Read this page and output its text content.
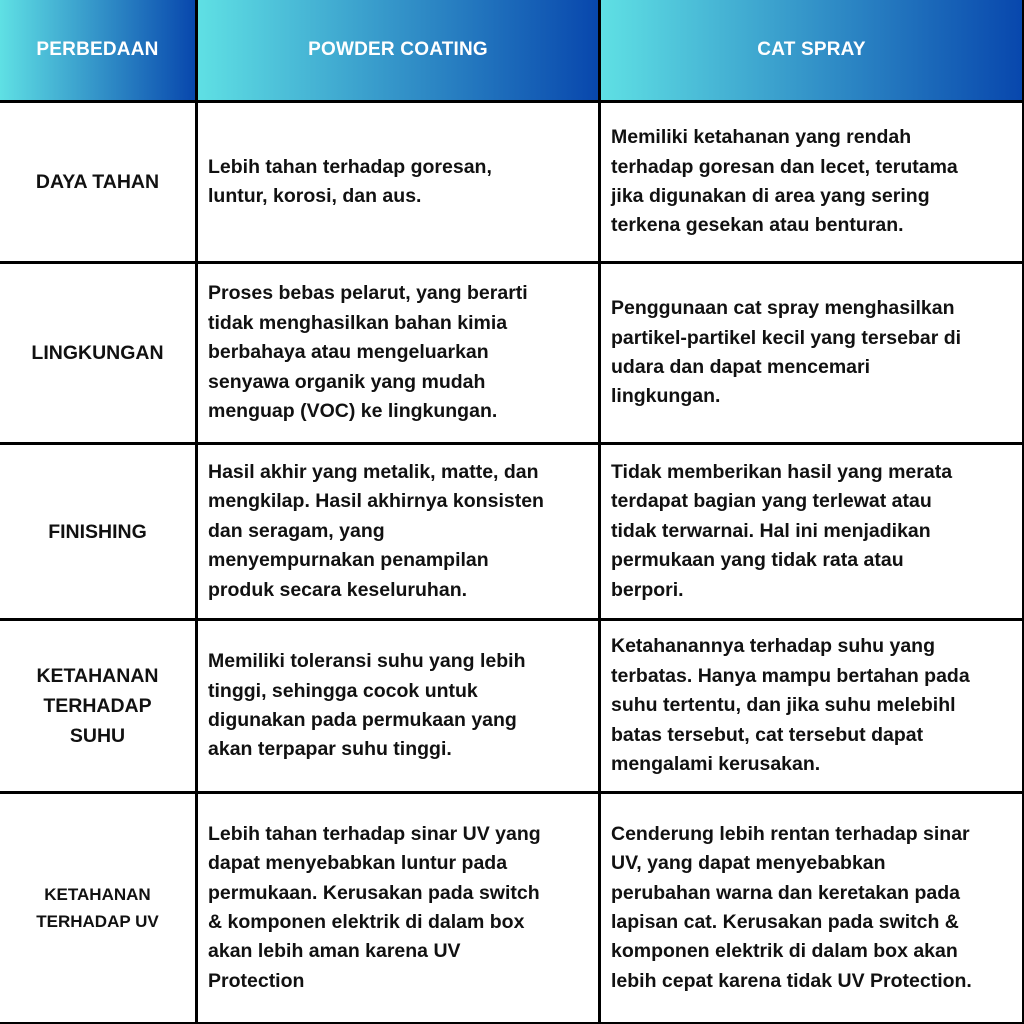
PERBEDAAN	POWDER COATING	CAT SPRAY
DAYA TAHAN
Lebih tahan terhadap goresan,
luntur, korosi, dan aus.
Memiliki ketahanan yang rendah
terhadap goresan dan lecet, terutama
jika digunakan di area yang sering
terkena gesekan atau benturan.
LINGKUNGAN
Proses bebas pelarut, yang berarti
tidak menghasilkan bahan kimia
berbahaya atau mengeluarkan
senyawa organik yang mudah
menguap (VOC) ke lingkungan.
Penggunaan cat spray menghasilkan
partikel-partikel kecil yang tersebar di
udara dan dapat mencemari
lingkungan.
FINISHING
Hasil akhir yang metalik, matte, dan
mengkilap. Hasil akhirnya konsisten
dan seragam, yang
menyempurnakan penampilan
produk secara keseluruhan.
Tidak memberikan hasil yang merata
terdapat bagian yang terlewat atau
tidak terwarnai. Hal ini menjadikan
permukaan yang tidak rata atau
berpori.
KETAHANAN
TERHADAP
SUHU
Memiliki toleransi suhu yang lebih
tinggi, sehingga cocok untuk
digunakan pada permukaan yang
akan terpapar suhu tinggi.
Ketahanannya terhadap suhu yang
terbatas. Hanya mampu bertahan pada
suhu tertentu, dan jika suhu melebihl
batas tersebut, cat tersebut dapat
mengalami kerusakan.
KETAHANAN
TERHADAP UV
Lebih tahan terhadap sinar UV yang
dapat menyebabkan luntur pada
permukaan. Kerusakan pada switch
& komponen elektrik di dalam box
akan lebih aman karena UV
Protection
Cenderung lebih rentan terhadap sinar
UV, yang dapat menyebabkan
perubahan warna dan keretakan pada
lapisan cat. Kerusakan pada switch &
komponen elektrik di dalam box akan
lebih cepat karena tidak UV Protection.
